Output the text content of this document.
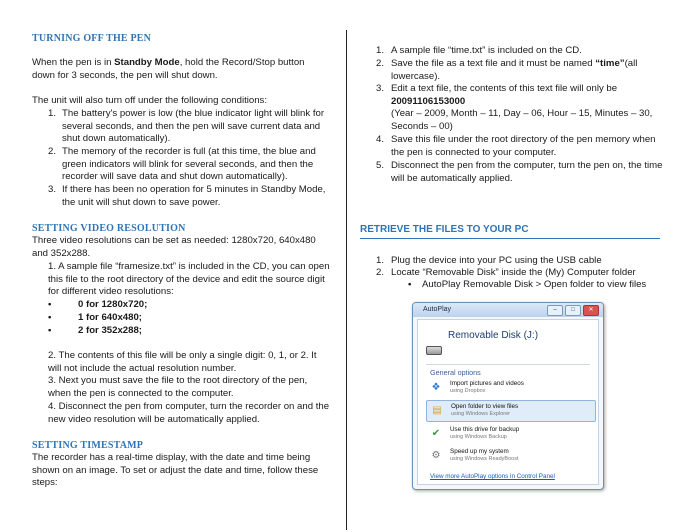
TURNING OFF THE PEN

When the pen is in Standby Mode, hold the Record/Stop button down for 3 seconds, the pen will shut down.

The unit will also turn off under the following conditions:

1. The battery's power is low (the blue indicator light will blink for several seconds, and then the pen will save current data and shut down automatically).
2. The memory of the recorder is full (at this time, the blue and green indicators will blink for several seconds, and then the recorder will save data and shut down automatically).
3. If there has been no operation for 5 minutes in Standby Mode, the unit will shut down to save power.
SETTING VIDEO RESOLUTION

Three video resolutions can be set as needed: 1280x720, 640x480 and 352x288.

1. A sample file “framesize.txt” is included in the CD, you can open this file to the root directory of the device and edit the source digit for different video resolutions:

•	0 for 1280x720;
•	1 for 640x480;
•	2 for 352x288;

2. The contents of this file will be only a single digit: 0, 1, or 2. It will not include the actual resolution number.

3. Next you must save the file to the root directory of the pen, when the pen is connected to the computer.

4. Disconnect the pen from computer, turn the recorder on and the new video resolution will be automatically applied.

SETTING TIMESTAMP

The recorder has a real-time display, with the date and time being shown on an image. To set or adjust the date and time, follow these steps:

1. A sample file “time.txt” is included on the CD.
2. Save the file as a text file and it must be named “time”(all lowercase).
3. Edit a text file, the contents of this text file will only be
20091106153000
(Year – 2009, Month – 11, Day – 06, Hour – 15, Minutes – 30, Seconds – 00)
4. Save this file under the root directory of the pen memory when the pen is connected to your computer.
5. Disconnect the pen from the computer, turn the pen on, the time will be automatically applied.
RETRIEVE THE FILES TO YOUR PC
1. Plug the device into your PC using the USB cable
2. Locate “Removable Disk” inside the (My) Computer folder
• AutoPlay Removable Disk > Open folder to view files
AutoPlay	–	□	✕
Removable Disk (J:)
General options
❖	Import pictures and videos
using Dropbox
▤	Open folder to view files
using Windows Explorer
✔	Use this drive for backup
using Windows Backup
⚙	Speed up my system
using Windows ReadyBoost
View more AutoPlay options in Control Panel
